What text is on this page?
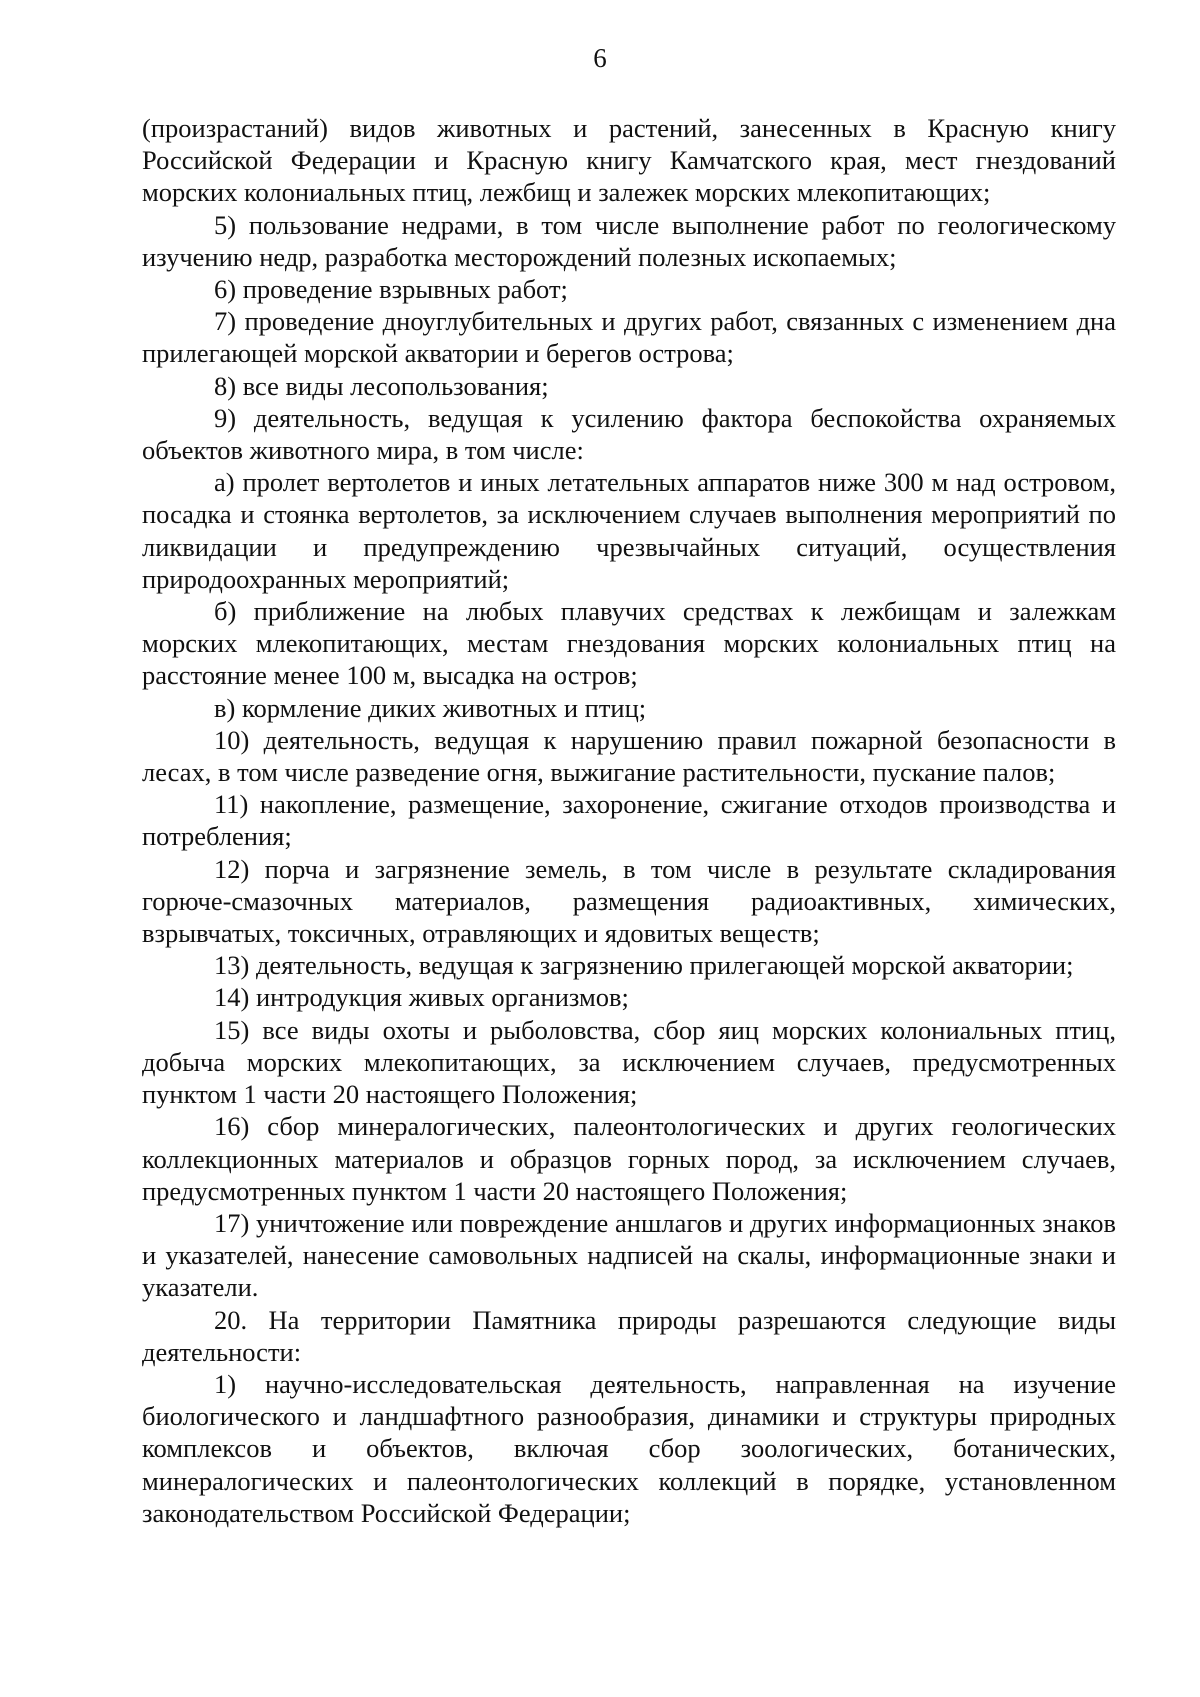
6

(произрастаний) видов животных и растений, занесенных в Красную книгу Российской Федерации и Красную книгу Камчатского края, мест гнездований морских колониальных птиц, лежбищ и залежек морских млекопитающих;

5) пользование недрами, в том числе выполнение работ по геологическому изучению недр, разработка месторождений полезных ископаемых;

6) проведение взрывных работ;

7) проведение дноуглубительных и других работ, связанных с изменением дна прилегающей морской акватории и берегов острова;

8) все виды лесопользования;

9) деятельность, ведущая к усилению фактора беспокойства охраняемых объектов животного мира, в том числе:

а) пролет вертолетов и иных летательных аппаратов ниже 300 м над островом, посадка и стоянка вертолетов, за исключением случаев выполнения мероприятий по ликвидации и предупреждению чрезвычайных ситуаций, осуществления природоохранных мероприятий;

б) приближение на любых плавучих средствах к лежбищам и залежкам морских млекопитающих, местам гнездования морских колониальных птиц на расстояние менее 100 м, высадка на остров;

в) кормление диких животных и птиц;

10) деятельность, ведущая к нарушению правил пожарной безопасности в лесах, в том числе разведение огня, выжигание растительности, пускание палов;

11) накопление, размещение, захоронение, сжигание отходов производства и потребления;

12) порча и загрязнение земель, в том числе в результате складирования горюче-смазочных материалов, размещения радиоактивных, химических, взрывчатых, токсичных, отравляющих и ядовитых веществ;

13) деятельность, ведущая к загрязнению прилегающей морской акватории;

14) интродукция живых организмов;

15) все виды охоты и рыболовства, сбор яиц морских колониальных птиц, добыча морских млекопитающих, за исключением случаев, предусмотренных пунктом 1 части 20 настоящего Положения;

16) сбор минералогических, палеонтологических и других геологических коллекционных материалов и образцов горных пород, за исключением случаев, предусмотренных пунктом 1 части 20 настоящего Положения;

17) уничтожение или повреждение аншлагов и других информационных знаков и указателей, нанесение самовольных надписей на скалы, информационные знаки и указатели.

20. На территории Памятника природы разрешаются следующие виды деятельности:

1) научно-исследовательская деятельность, направленная на изучение биологического и ландшафтного разнообразия, динамики и структуры природных комплексов и объектов, включая сбор зоологических, ботанических, минералогических и палеонтологических коллекций в порядке, установленном законодательством Российской Федерации;
